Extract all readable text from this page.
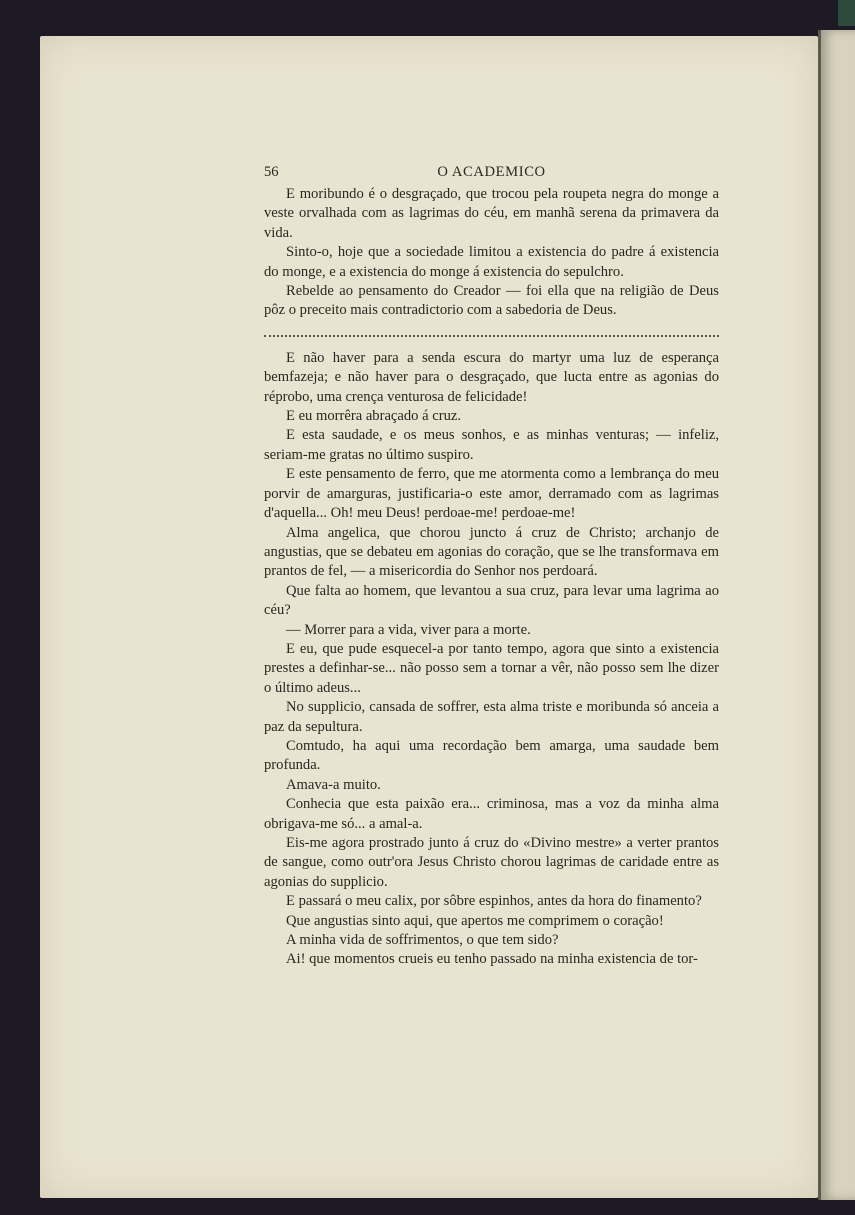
56	O ACADEMICO

E moribundo é o desgraçado, que trocou pela roupeta negra do monge a veste orvalhada com as lagrimas do céu, em manhã serena da primavera da vida.

Sinto-o, hoje que a sociedade limitou a existencia do padre á existencia do monge, e a existencia do monge á existencia do sepulchro.

Rebelde ao pensamento do Creador — foi ella que na religião de Deus pôz o preceito mais contradictorio com a sabedoria de Deus.

E não haver para a senda escura do martyr uma luz de esperança bemfazeja; e não haver para o desgraçado, que lucta entre as agonias do réprobo, uma crença venturosa de felicidade!

E eu morrêra abraçado á cruz.

E esta saudade, e os meus sonhos, e as minhas venturas; — infeliz, seriam-me gratas no último suspiro.

E este pensamento de ferro, que me atormenta como a lembrança do meu porvir de amarguras, justificaria-o este amor, derramado com as lagrimas d'aquella... Oh! meu Deus! perdoae-me! perdoae-me!

Alma angelica, que chorou juncto á cruz de Christo; archanjo de angustias, que se debateu em agonias do coração, que se lhe transformava em prantos de fel, — a misericordia do Senhor nos perdoará.

Que falta ao homem, que levantou a sua cruz, para levar uma lagrima ao céu?

— Morrer para a vida, viver para a morte.

E eu, que pude esquecel-a por tanto tempo, agora que sinto a existencia prestes a definhar-se... não posso sem a tornar a vêr, não posso sem lhe dizer o último adeus...

No supplicio, cansada de soffrer, esta alma triste e moribunda só anceia a paz da sepultura.

Comtudo, ha aqui uma recordação bem amarga, uma saudade bem profunda.

Amava-a muito.

Conhecia que esta paixão era... criminosa, mas a voz da minha alma obrigava-me só... a amal-a.

Eis-me agora prostrado junto á cruz do «Divino mestre» a verter prantos de sangue, como outr'ora Jesus Christo chorou lagrimas de caridade entre as agonias do supplicio.

E passará o meu calix, por sôbre espinhos, antes da hora do finamento?

Que angustias sinto aqui, que apertos me comprimem o coração!

A minha vida de soffrimentos, o que tem sido?

Ai! que momentos crueis eu tenho passado na minha existencia de tor-
